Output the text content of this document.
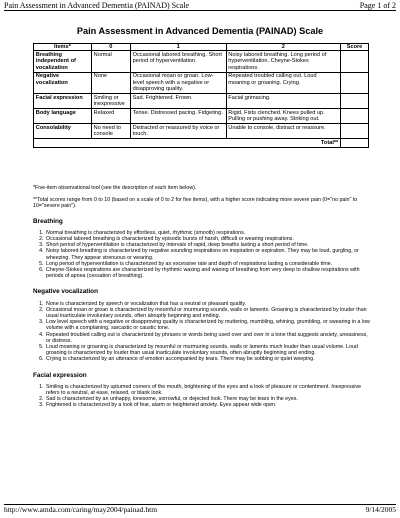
Pain Assessment in Advanced Dementia (PAINAD) Scale	Page 1 of 2
Pain Assessment in Advanced Dementia (PAINAD) Scale
Items*	0	1	2	Score
Breathing independent of vocalization	Normal	Occasional labored breathing. Short period of hyperventilation.	Noisy labored breathing. Long period of hyperventilation. Cheyne-Stokes respirations.	
Negative vocalization	None	Occasional moan or groan. Low-level speech with a negative or disapproving quality.	Repeated troubled calling out. Loud moaning or groaning. Crying.	
Facial expression	Smiling or inexpressive	Sad. Frightened. Frown.	Facial grimacing.	
Body language	Relaxed	Tense. Distressed pacing. Fidgeting.	Rigid. Fists clenched. Knees pulled up. Pulling or pushing away. Striking out.	
Consolability	No need to console	Distracted or reassured by voice or touch.	Unable to console, distract or reassure.	
Total**				

*Five-item observational tool (see the description of each item below).

**Total scores range from 0 to 10 (based on a scale of 0 to 2 for five items), with a higher score indicating more severe pain (0="no pain" to 10="severe pain").

Breathing
1. Normal breathing is characterized by effortless, quiet, rhythmic (smooth) respirations.
2. Occasional labored breathing is characterized by episodic bursts of harsh, difficult or wearing respirations.
3. Short period of hyperventilation is characterized by intervals of rapid, deep breaths lasting a short period of time.
4. Noisy labored breathing is characterized by negative sounding respirations on inspiration or expiration. They may be loud, gurgling, or wheezing. They appear strenuous or wearing.
5. Long period of hyperventilation is characterized by an excessive rate and depth of respirations lasting a considerable time.
6. Cheyne-Stokes respirations are characterized by rhythmic waxing and waning of breathing from very deep to shallow respirations with periods of apnea (cessation of breathing).
Negative vocalization
1. None is characterized by speech or vocalization that has a neutral or pleasant quality.
2. Occasional moan or groan is characterized by mournful or murmuring sounds, wails or laments. Groaning is characterized by louder than usual inarticulate involuntary sounds, often abruptly beginning and ending.
3. Low level speech with a negative or disapproving quality is characterized by muttering, mumbling, whining, grumbling, or swearing in a low volume with a complaining, sarcastic or caustic tone.
4. Repeated troubled calling out is characterized by phrases or words being used over and over in a tone that suggests anxiety, uneasiness, or distress.
5. Loud moaning or groaning is characterized by mournful or murmuring sounds, wails or laments much louder than usual volume. Loud groaning is characterized by louder than usual inarticulate involuntary sounds, often abruptly beginning and ending.
6. Crying is characterized by an utterance of emotion accompanied by tears. There may be sobbing or quiet weeping.
Facial expression
1. Smiling is characterized by upturned corners of the mouth, brightening of the eyes and a look of pleasure or contentment. Inexpressive refers to a neutral, at ease, relaxed, or blank look.
2. Sad is characterized by an unhappy, lonesome, sorrowful, or dejected look. There may be tears in the eyes.
3. Frightened is characterized by a look of fear, alarm or heightened anxiety. Eyes appear wide open.
http://www.amda.com/caring/may2004/painad.htm	9/14/2005
